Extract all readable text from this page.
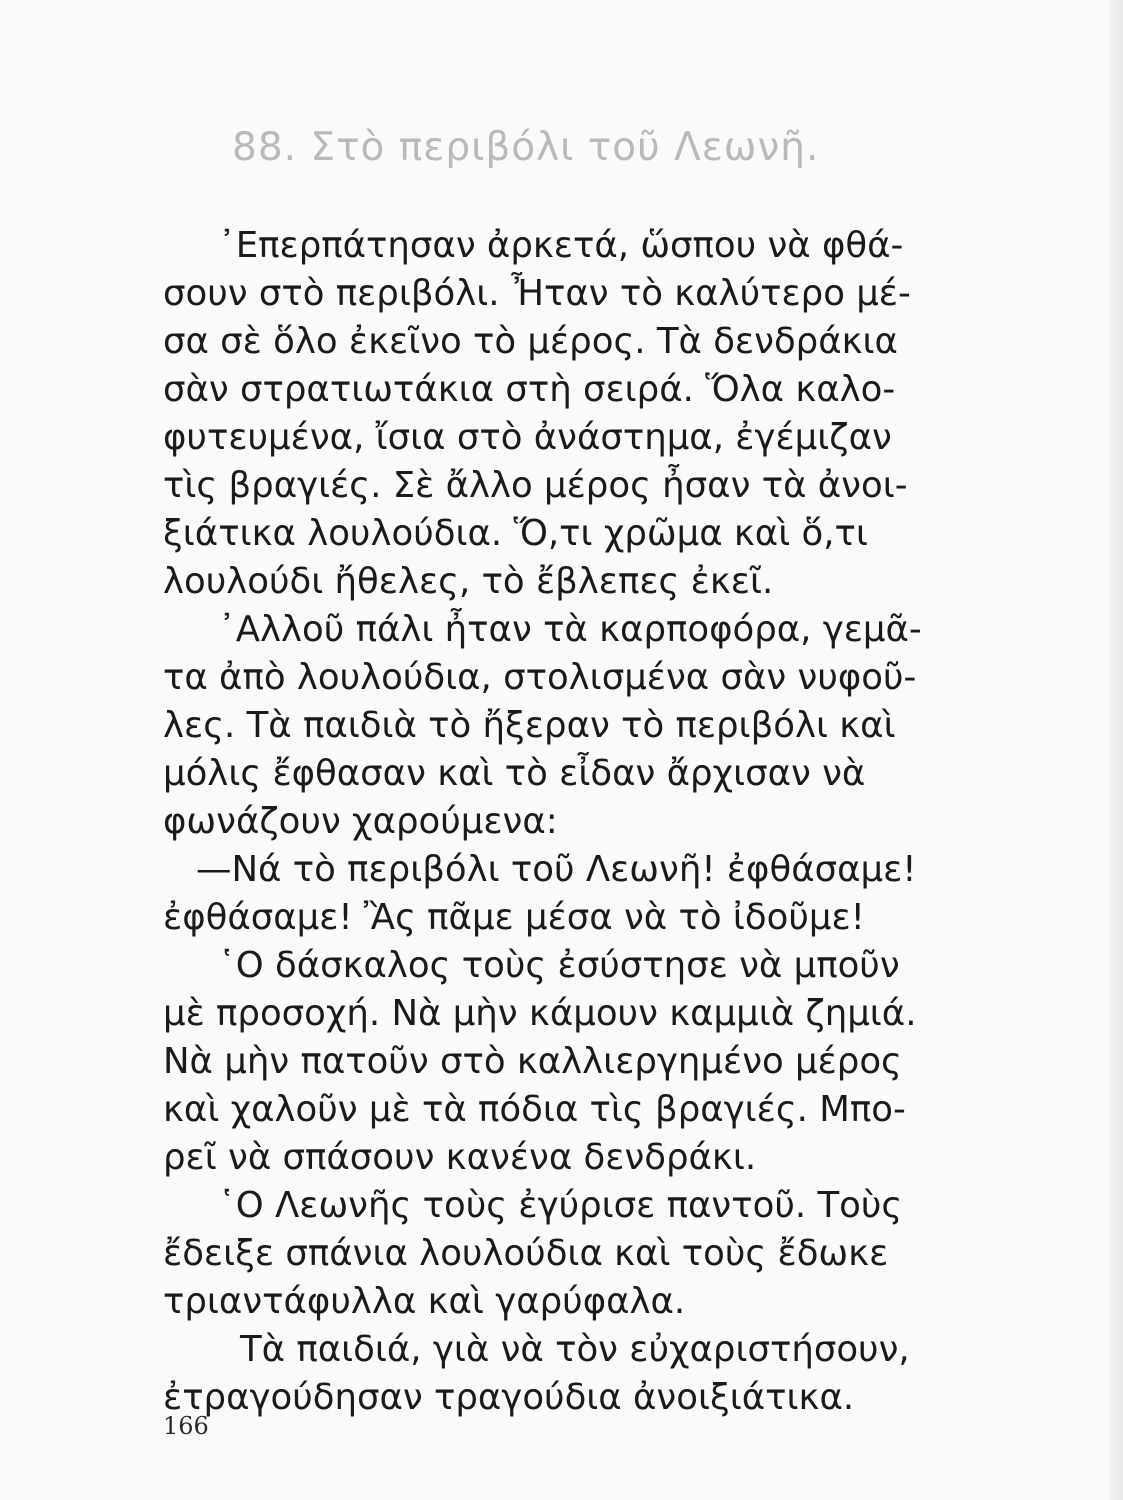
88. Στὸ περιβόλι τοῦ Λεωνῆ.
᾿Επερπάτησαν ἀρκετά, ὥσπου νὰ φθά-
σουν στὸ περιβόλι. Ἦταν τὸ καλύτερο μέ-
σα σὲ ὅλο ἐκεῖνο τὸ μέρος. Τὰ δενδράκια
σὰν στρατιωτάκια στὴ σειρά. Ὅλα καλο-
φυτευμένα, ἴσια στὸ ἀνάστημα, ἐγέμιζαν
τὶς βραγιές. Σὲ ἄλλο μέρος ἦσαν τὰ ἀνοι-
ξιάτικα λουλούδια. Ὅ,τι χρῶμα καὶ ὅ,τι
λουλούδι ἤθελες, τὸ ἔβλεπες ἐκεῖ.
᾿Αλλοῦ πάλι ἦταν τὰ καρποφόρα, γεμᾶ-
τα ἀπὸ λουλούδια, στολισμένα σὰν νυφοῦ-
λες. Τὰ παιδιὰ τὸ ἤξεραν τὸ περιβόλι καὶ
μόλις ἔφθασαν καὶ τὸ εἶδαν ἄρχισαν νὰ
φωνάζουν χαρούμενα:
—Νά τὸ περιβόλι τοῦ Λεωνῆ! ἐφθάσαμε!
ἐφθάσαμε! Ἂς πᾶμε μέσα νὰ τὸ ἰδοῦμε!
῾Ο δάσκαλος τοὺς ἐσύστησε νὰ μποῦν
μὲ προσοχή. Νὰ μὴν κάμουν καμμιὰ ζημιά.
Νὰ μὴν πατοῦν στὸ καλλιεργημένο μέρος
καὶ χαλοῦν μὲ τὰ πόδια τὶς βραγιές. Μπο-
ρεῖ νὰ σπάσουν κανένα δενδράκι.
῾Ο Λεωνῆς τοὺς ἐγύρισε παντοῦ. Τοὺς
ἔδειξε σπάνια λουλούδια καὶ τοὺς ἔδωκε
τριαντάφυλλα καὶ γαρύφαλα.
Τὰ παιδιά, γιὰ νὰ τὸν εὐχαριστήσουν,
ἐτραγούδησαν τραγούδια ἀνοιξιάτικα.
166
